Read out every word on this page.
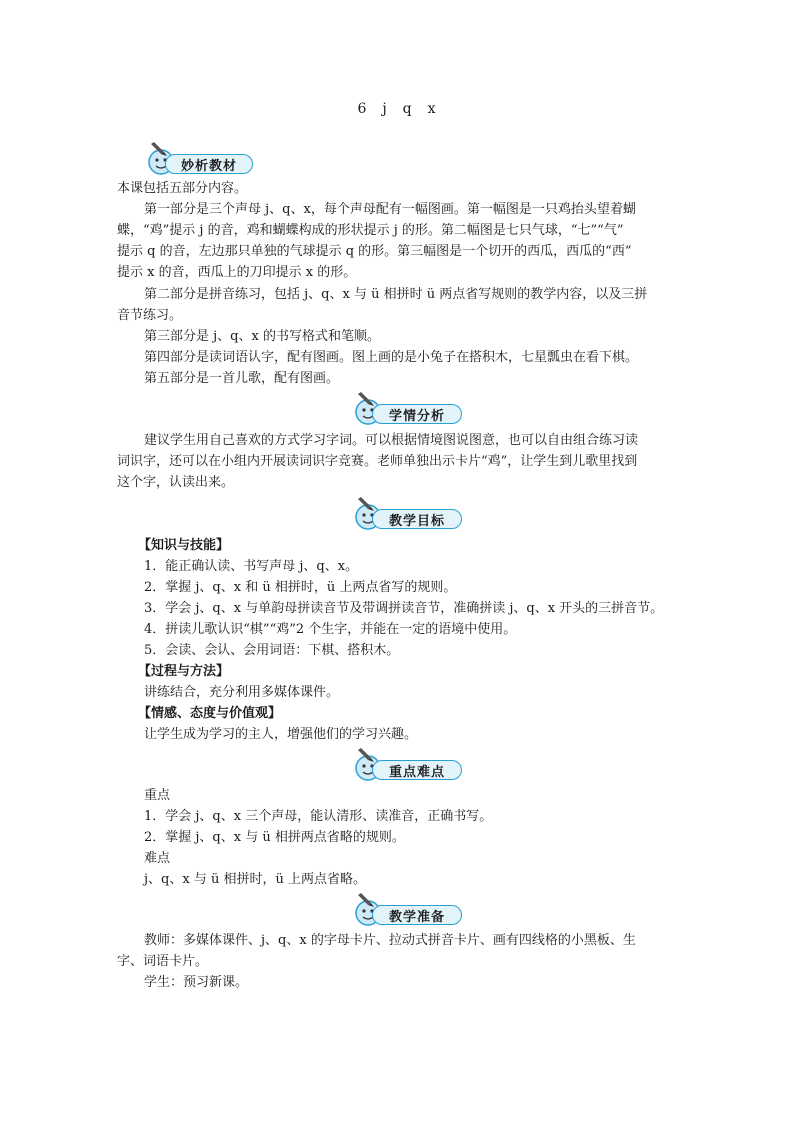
6　j　q　x
妙析教材
本课包括五部分内容。
第一部分是三个声母 j、q、x，每个声母配有一幅图画。第一幅图是一只鸡抬头望着蝴
蝶，“鸡”提示 j 的音，鸡和蝴蝶构成的形状提示 j 的形。第二幅图是七只气球，“七”“气”
提示 q 的音，左边那只单独的气球提示 q 的形。第三幅图是一个切开的西瓜，西瓜的“西”
提示 x 的音，西瓜上的刀印提示 x 的形。
第二部分是拼音练习，包括 j、q、x 与 ü 相拼时 ü 两点省写规则的教学内容，以及三拼
音节练习。
第三部分是 j、q、x 的书写格式和笔顺。
第四部分是读词语认字，配有图画。图上画的是小兔子在搭积木，七星瓢虫在看下棋。
第五部分是一首儿歌，配有图画。
学情分析
建议学生用自己喜欢的方式学习字词。可以根据情境图说图意，也可以自由组合练习读
词识字，还可以在小组内开展读词识字竞赛。老师单独出示卡片“鸡”，让学生到儿歌里找到
这个字，认读出来。
教学目标
【知识与技能】
1．能正确认读、书写声母 j、q、x。
2．掌握 j、q、x 和 ü 相拼时，ü 上两点省写的规则。
3．学会 j、q、x 与单韵母拼读音节及带调拼读音节，准确拼读 j、q、x 开头的三拼音节。
4．拼读儿歌认识“棋”“鸡”2 个生字，并能在一定的语境中使用。
5．会读、会认、会用词语：下棋、搭积木。
【过程与方法】
讲练结合，充分利用多媒体课件。
【情感、态度与价值观】
让学生成为学习的主人，增强他们的学习兴趣。
重点难点
重点
1．学会 j、q、x 三个声母，能认清形、读准音，正确书写。
2．掌握 j、q、x 与 ü 相拼两点省略的规则。
难点
j、q、x 与 ü 相拼时，ü 上两点省略。
教学准备
教师：多媒体课件、j、q、x 的字母卡片、拉动式拼音卡片、画有四线格的小黑板、生
字、词语卡片。
学生：预习新课。
